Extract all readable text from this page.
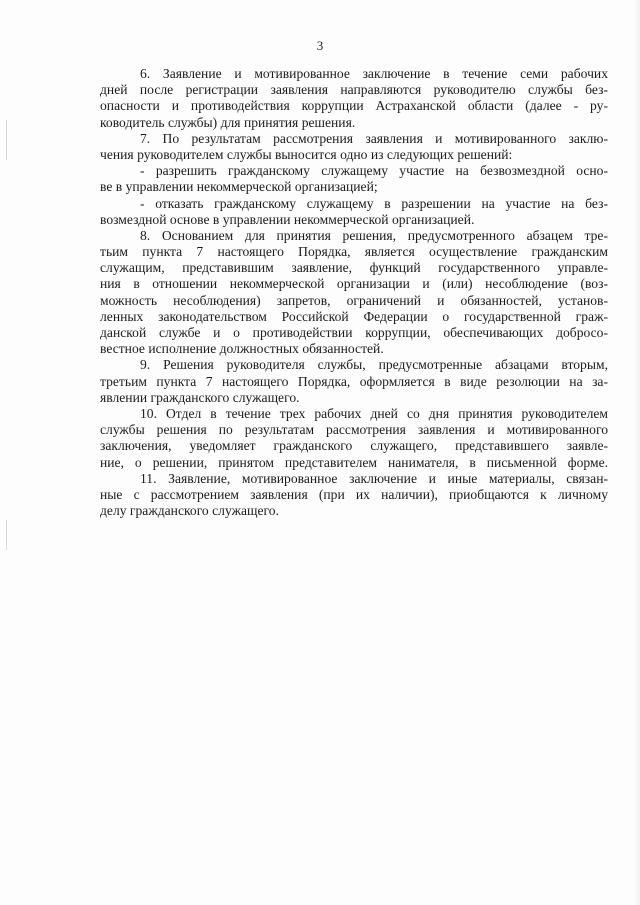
3
6. Заявление и мотивированное заключение в течение семи рабочих
дней после регистрации заявления направляются руководителю службы без-
опасности и противодействия коррупции Астраханской области (далее - ру-
ководитель службы) для принятия решения.
7. По результатам рассмотрения заявления и мотивированного заклю-
чения руководителем службы выносится одно из следующих решений:
- разрешить гражданскому служащему участие на безвозмездной осно-
ве в управлении некоммерческой организацией;
- отказать гражданскому служащему в разрешении на участие на без-
возмездной основе в управлении некоммерческой организацией.
8. Основанием для принятия решения, предусмотренного абзацем тре-
тьим пункта 7 настоящего Порядка, является осуществление гражданским
служащим, представившим заявление, функций государственного управле-
ния в отношении некоммерческой организации и (или) несоблюдение (воз-
можность несоблюдения) запретов, ограничений и обязанностей, установ-
ленных законодательством Российской Федерации о государственной граж-
данской службе и о противодействии коррупции, обеспечивающих добросо-
вестное исполнение должностных обязанностей.
9. Решения руководителя службы, предусмотренные абзацами вторым,
третьим пункта 7 настоящего Порядка, оформляется в виде резолюции на за-
явлении гражданского служащего.
10. Отдел в течение трех рабочих дней со дня принятия руководителем
службы решения по результатам рассмотрения заявления и мотивированного
заключения, уведомляет гражданского служащего, представившего заявле-
ние, о решении, принятом представителем нанимателя, в письменной форме.
11. Заявление, мотивированное заключение и иные материалы, связан-
ные с рассмотрением заявления (при их наличии), приобщаются к личному
делу гражданского служащего.
